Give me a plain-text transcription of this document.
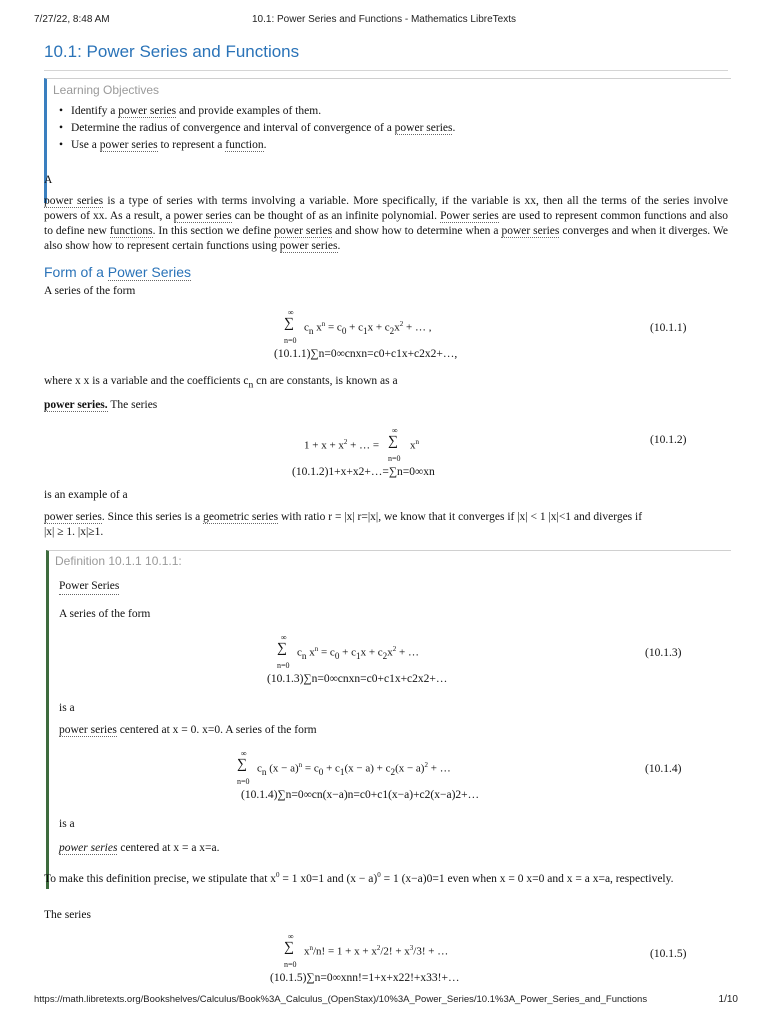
7/27/22, 8:48 AM	10.1: Power Series and Functions - Mathematics LibreTexts
10.1: Power Series and Functions
Learning Objectives
• Identify a power series and provide examples of them.
• Determine the radius of convergence and interval of convergence of a power series.
• Use a power series to represent a function.
A
power series is a type of series with terms involving a variable. More specifically, if the variable is xx, then all the terms of the series involve powers of xx. As a result, a power series can be thought of as an infinite polynomial. Power series are used to represent common functions and also to define new functions. In this section we define power series and show how to determine when a power series converges and when it diverges. We also show how to represent certain functions using power series.
Form of a Power Series
A series of the form
∞
∑
n=0
$c_n$ $x^n = c_0 + c_1x + c_2x^2$ + … ,
(10.1.1)∑n=0∞cnxn=c0+c1x+c2x2+…,
(10.1.1)
where x x is a variable and the coefficients $c_n$ cn are constants, is known as a
power series. The series
$1 + x + x^2$ + … =
∞
∑
n=0
$x^n$
(10.1.2)1+x+x2+…=∑n=0∞xn
(10.1.2)
is an example of a
power series. Since this series is a geometric series with ratio r = |x| r=|x|, we know that it converges if |x| < 1 |x|<1 and diverges if
|x| ≥ 1. |x|≥1.
Definition 10.1.1 10.1.1:
Power Series
A series of the form
∞
∑
n=0
$c_n$ $x^n = c_0 + c_1x + c_2x^2$ + …
(10.1.3)∑n=0∞cnxn=c0+c1x+c2x2+…
(10.1.3)
is a
power series centered at x = 0. x=0. A series of the form
∞
∑
n=0
$c_n$ $(x - a)^n = c_0 + c_1(x - a) + c_2(x - a)^2$ + …
(10.1.4)∑n=0∞cn(x−a)n=c0+c1(x−a)+c2(x−a)2+…
(10.1.4)
is a
power series centered at x = a x=a.
To make this definition precise, we stipulate that $x^0 = 1$ x0=1 and $(x - a)^0 = 1$ (x−a)0=1 even when x = 0 x=0 and x = a x=a, respectively.
The series
∞
∑
n=0
$x^n/n$! = $1 + x + x^2/2$! + $x^3/3$! + …
(10.1.5)∑n=0∞xnn!=1+x+x22!+x33!+…
(10.1.5)
https://math.libretexts.org/Bookshelves/Calculus/Book%3A_Calculus_(OpenStax)/10%3A_Power_Series/10.1%3A_Power_Series_and_Functions	1/10
